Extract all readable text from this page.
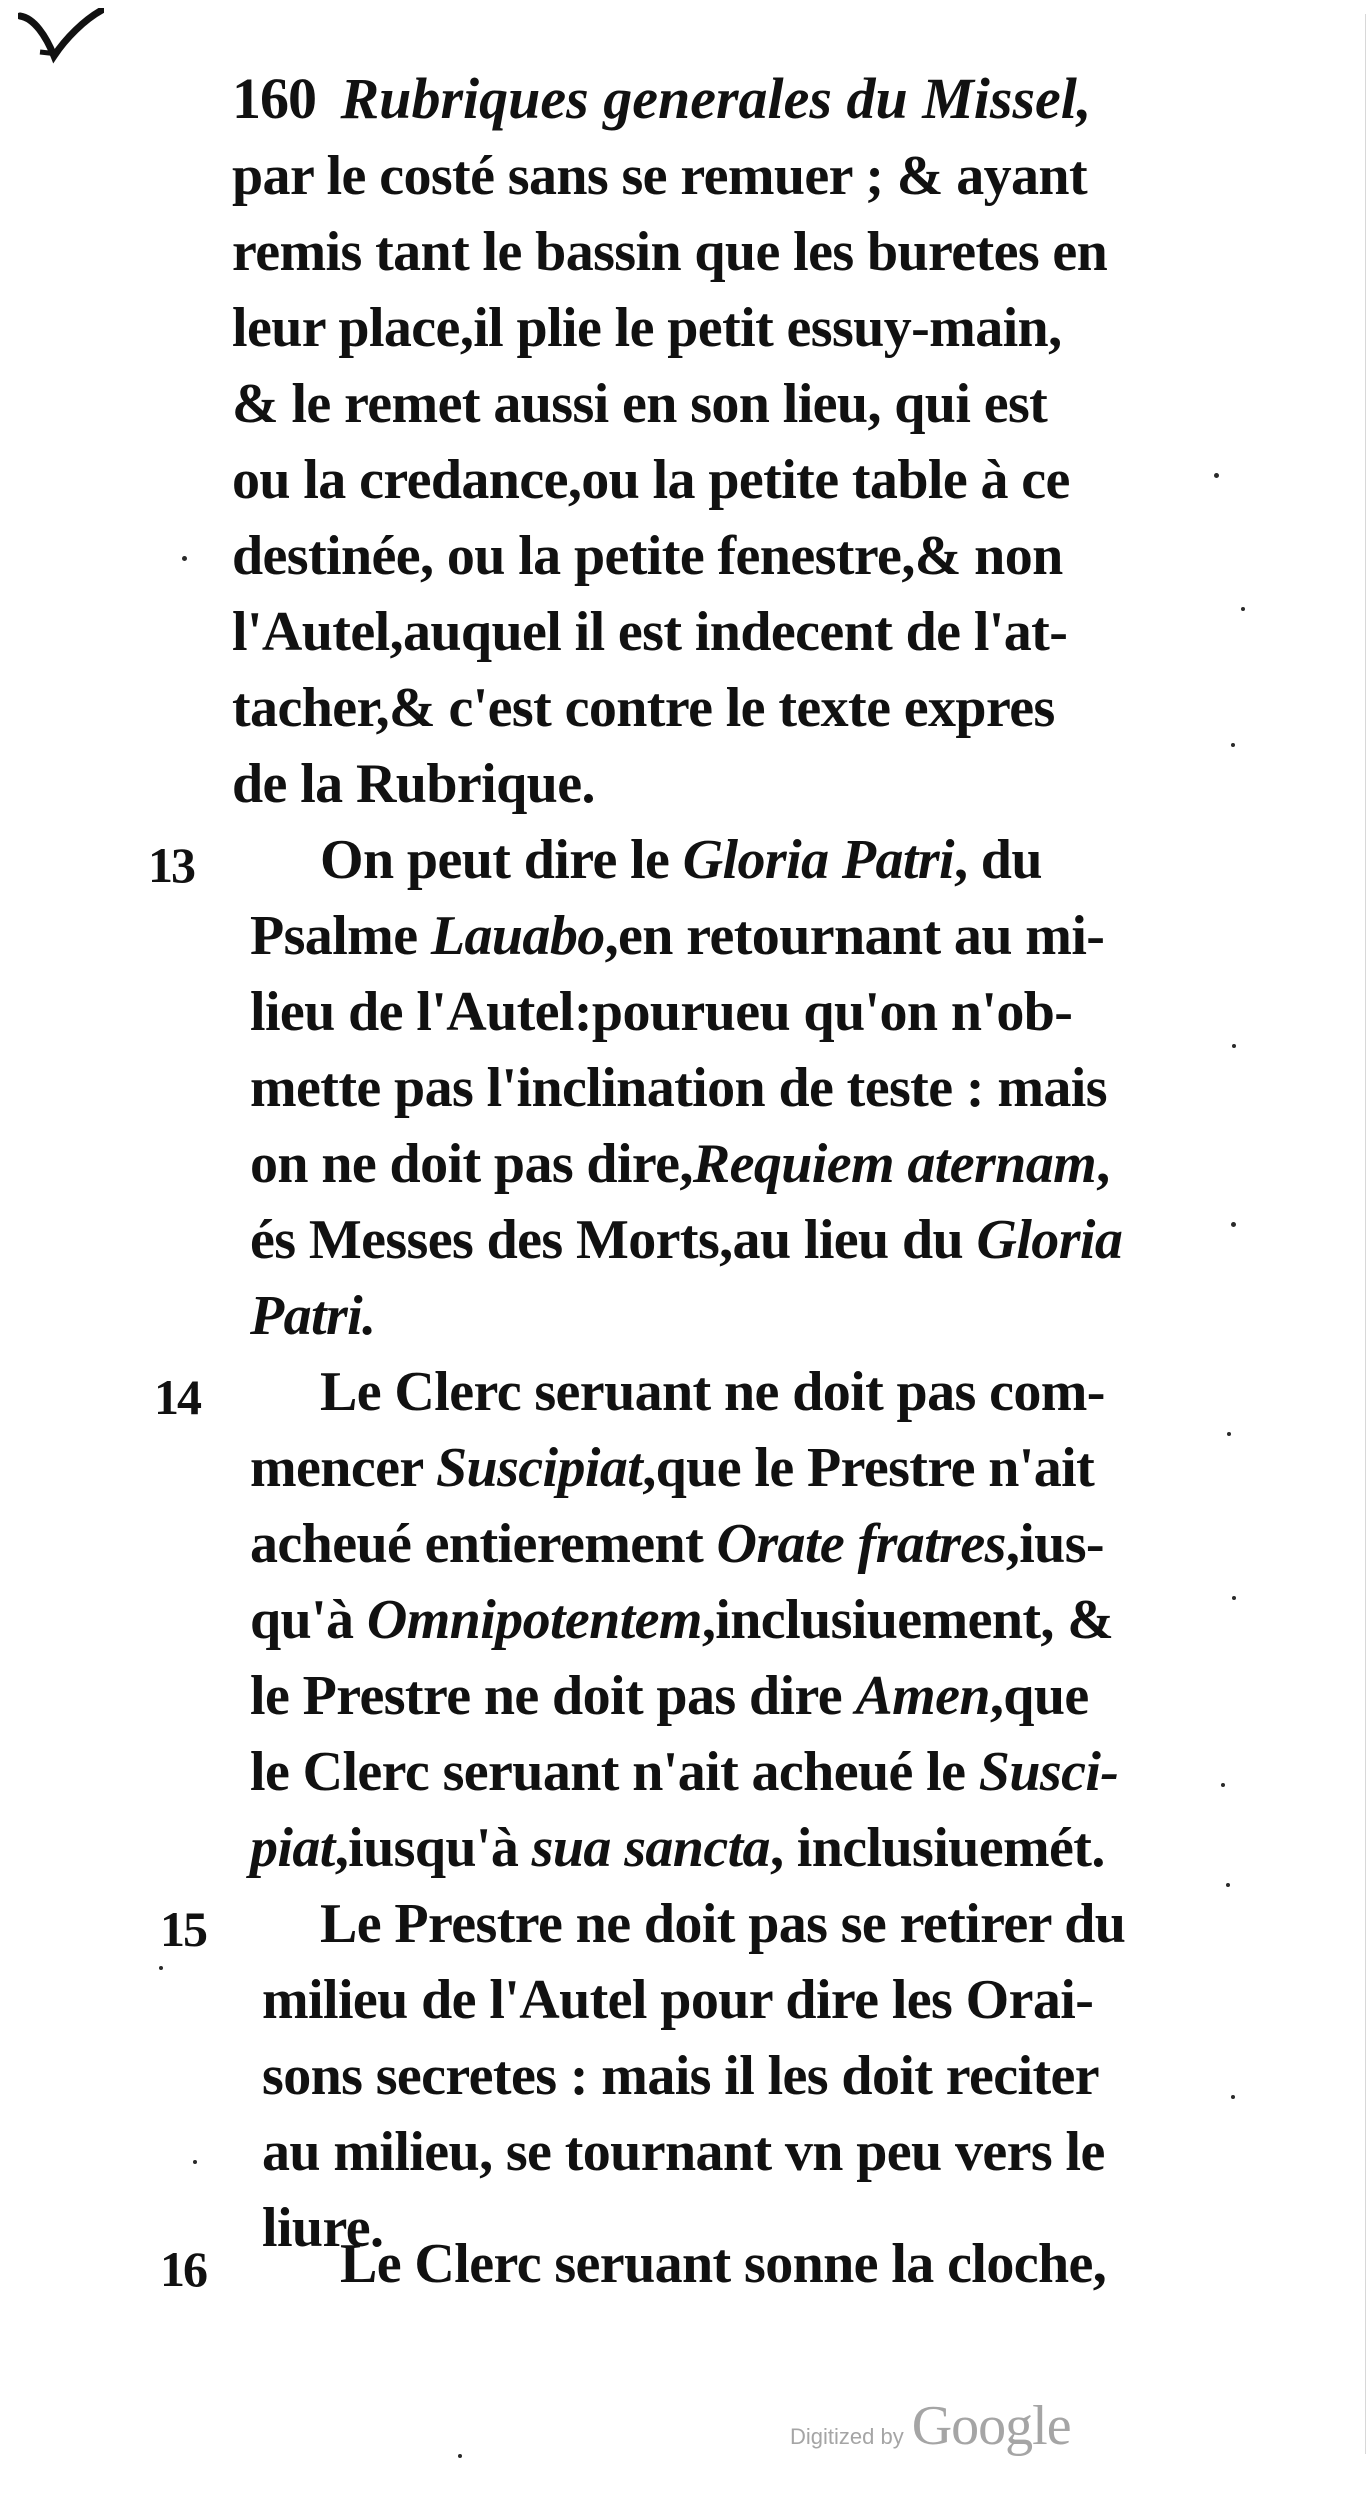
160 Rubriques generales du Missel,
par le costé sans se remuer ; & ayant
remis tant le bassin que les buretes en
leur place,il plie le petit essuy-main,
& le remet aussi en son lieu, qui est
ou la credance,ou la petite table à ce
destinée, ou la petite fenestre,& non
l'Autel,auquel il est indecent de l'at-
tacher,& c'est contre le texte expres
de la Rubrique.
13 On peut dire le Gloria Patri, du
Psalme Lauabo,en retournant au mi-
lieu de l'Autel:pourueu qu'on n'ob-
mette pas l'inclination de teste : mais
on ne doit pas dire,Requiem aternam,
és Messes des Morts,au lieu du Gloria
Patri.
14 Le Clerc seruant ne doit pas com-
mencer Suscipiat,que le Prestre n'ait
acheué entierement Orate fratres,ius-
qu'à Omnipotentem,inclusiuement, &
le Prestre ne doit pas dire Amen,que
le Clerc seruant n'ait acheué le Susci-
piat,iusqu'à sua sancta, inclusiuemét.
15 Le Prestre ne doit pas se retirer du
milieu de l'Autel pour dire les Orai-
sons secretes : mais il les doit reciter
au milieu, se tournant vn peu vers le
liure.
16 Le Clerc seruant sonne la cloche,
Digitized by Google
